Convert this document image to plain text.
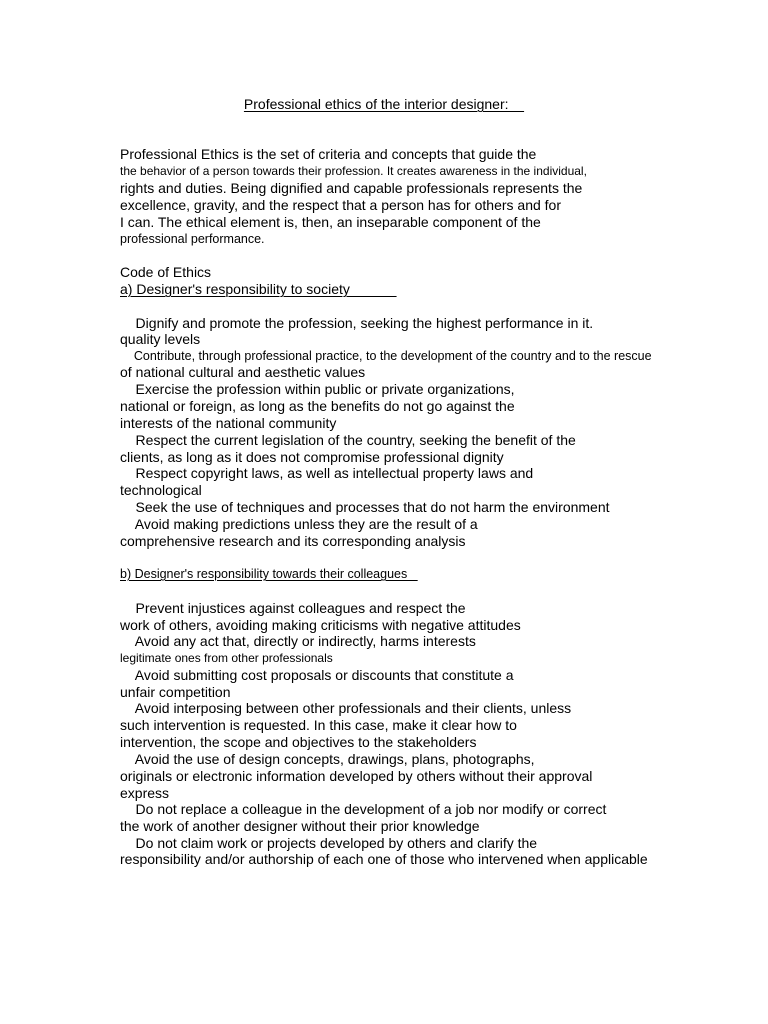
Professional ethics of the interior designer:
Professional Ethics is the set of criteria and concepts that guide the
the behavior of a person towards their profession. It creates awareness in the individual,
rights and duties. Being dignified and capable professionals represents the
excellence, gravity, and the respect that a person has for others and for
I can. The ethical element is, then, an inseparable component of the
professional performance.
Code of Ethics
a) Designer's responsibility to society
Dignify and promote the profession, seeking the highest performance in it.
quality levels
Contribute, through professional practice, to the development of the country and to the rescue
of national cultural and aesthetic values
Exercise the profession within public or private organizations,
national or foreign, as long as the benefits do not go against the
interests of the national community
Respect the current legislation of the country, seeking the benefit of the
clients, as long as it does not compromise professional dignity
Respect copyright laws, as well as intellectual property laws and
technological
Seek the use of techniques and processes that do not harm the environment
Avoid making predictions unless they are the result of a
comprehensive research and its corresponding analysis
b) Designer's responsibility towards their colleagues
Prevent injustices against colleagues and respect the
work of others, avoiding making criticisms with negative attitudes
Avoid any act that, directly or indirectly, harms interests
legitimate ones from other professionals
Avoid submitting cost proposals or discounts that constitute a
unfair competition
Avoid interposing between other professionals and their clients, unless
such intervention is requested. In this case, make it clear how to
intervention, the scope and objectives to the stakeholders
Avoid the use of design concepts, drawings, plans, photographs,
originals or electronic information developed by others without their approval
express
Do not replace a colleague in the development of a job nor modify or correct
the work of another designer without their prior knowledge
Do not claim work or projects developed by others and clarify the
responsibility and/or authorship of each one of those who intervened when applicable
